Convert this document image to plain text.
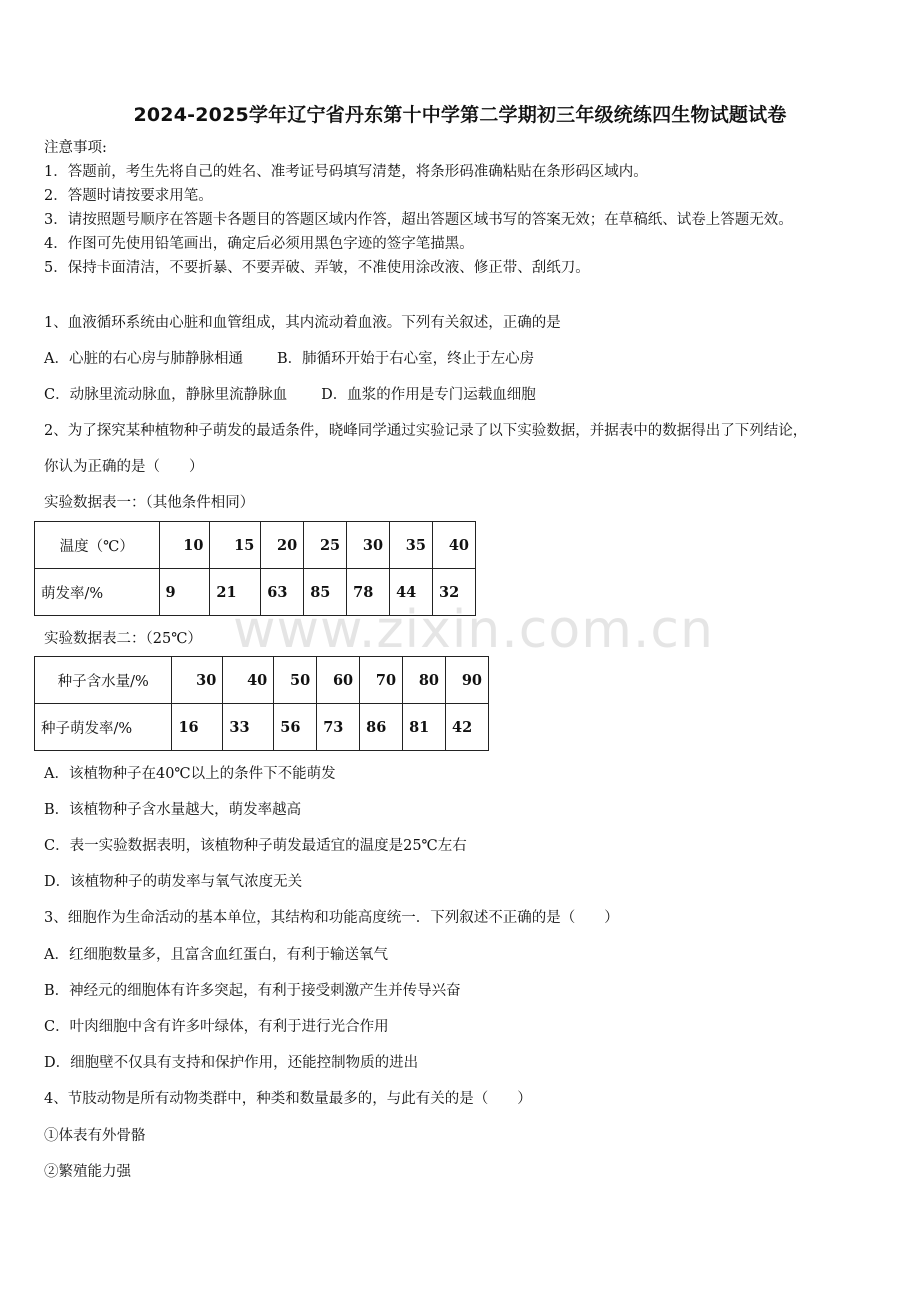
2024-2025学年辽宁省丹东第十中学第二学期初三年级统练四生物试题试卷
注意事项:
1．答题前，考生先将自己的姓名、准考证号码填写清楚，将条形码准确粘贴在条形码区域内。
2．答题时请按要求用笔。
3．请按照题号顺序在答题卡各题目的答题区域内作答，超出答题区域书写的答案无效；在草稿纸、试卷上答题无效。
4．作图可先使用铅笔画出，确定后必须用黑色字迹的签字笔描黑。
5．保持卡面清洁，不要折暴、不要弄破、弄皱，不准使用涂改液、修正带、刮纸刀。
1、血液循环系统由心脏和血管组成，其内流动着血液。下列有关叙述，正确的是
A．心脏的右心房与肺静脉相通 B．肺循环开始于右心室，终止于左心房
C．动脉里流动脉血，静脉里流静脉血 D．血浆的作用是专门运载血细胞
2、为了探究某种植物种子萌发的最适条件，晓峰同学通过实验记录了以下实验数据，并据表中的数据得出了下列结论，
你认为正确的是（　　）
实验数据表一：（其他条件相同）
温度（℃）	10	15	20	25	30	35	40
萌发率/%	9	21	63	85	78	44	32
实验数据表二：（25℃）
种子含水量/%	30	40	50	60	70	80	90
种子萌发率/%	16	33	56	73	86	81	42
www.zixin.com.cn
A．该植物种子在40℃以上的条件下不能萌发
B．该植物种子含水量越大，萌发率越高
C．表一实验数据表明，该植物种子萌发最适宜的温度是25℃左右
D．该植物种子的萌发率与氧气浓度无关
3、细胞作为生命活动的基本单位，其结构和功能高度统一．下列叙述不正确的是（　　）
A．红细胞数量多，且富含血红蛋白，有利于输送氧气
B．神经元的细胞体有许多突起，有利于接受刺激产生并传导兴奋
C．叶肉细胞中含有许多叶绿体，有利于进行光合作用
D．细胞壁不仅具有支持和保护作用，还能控制物质的进出
4、节肢动物是所有动物类群中，种类和数量最多的，与此有关的是（　　）
①体表有外骨骼
②繁殖能力强
